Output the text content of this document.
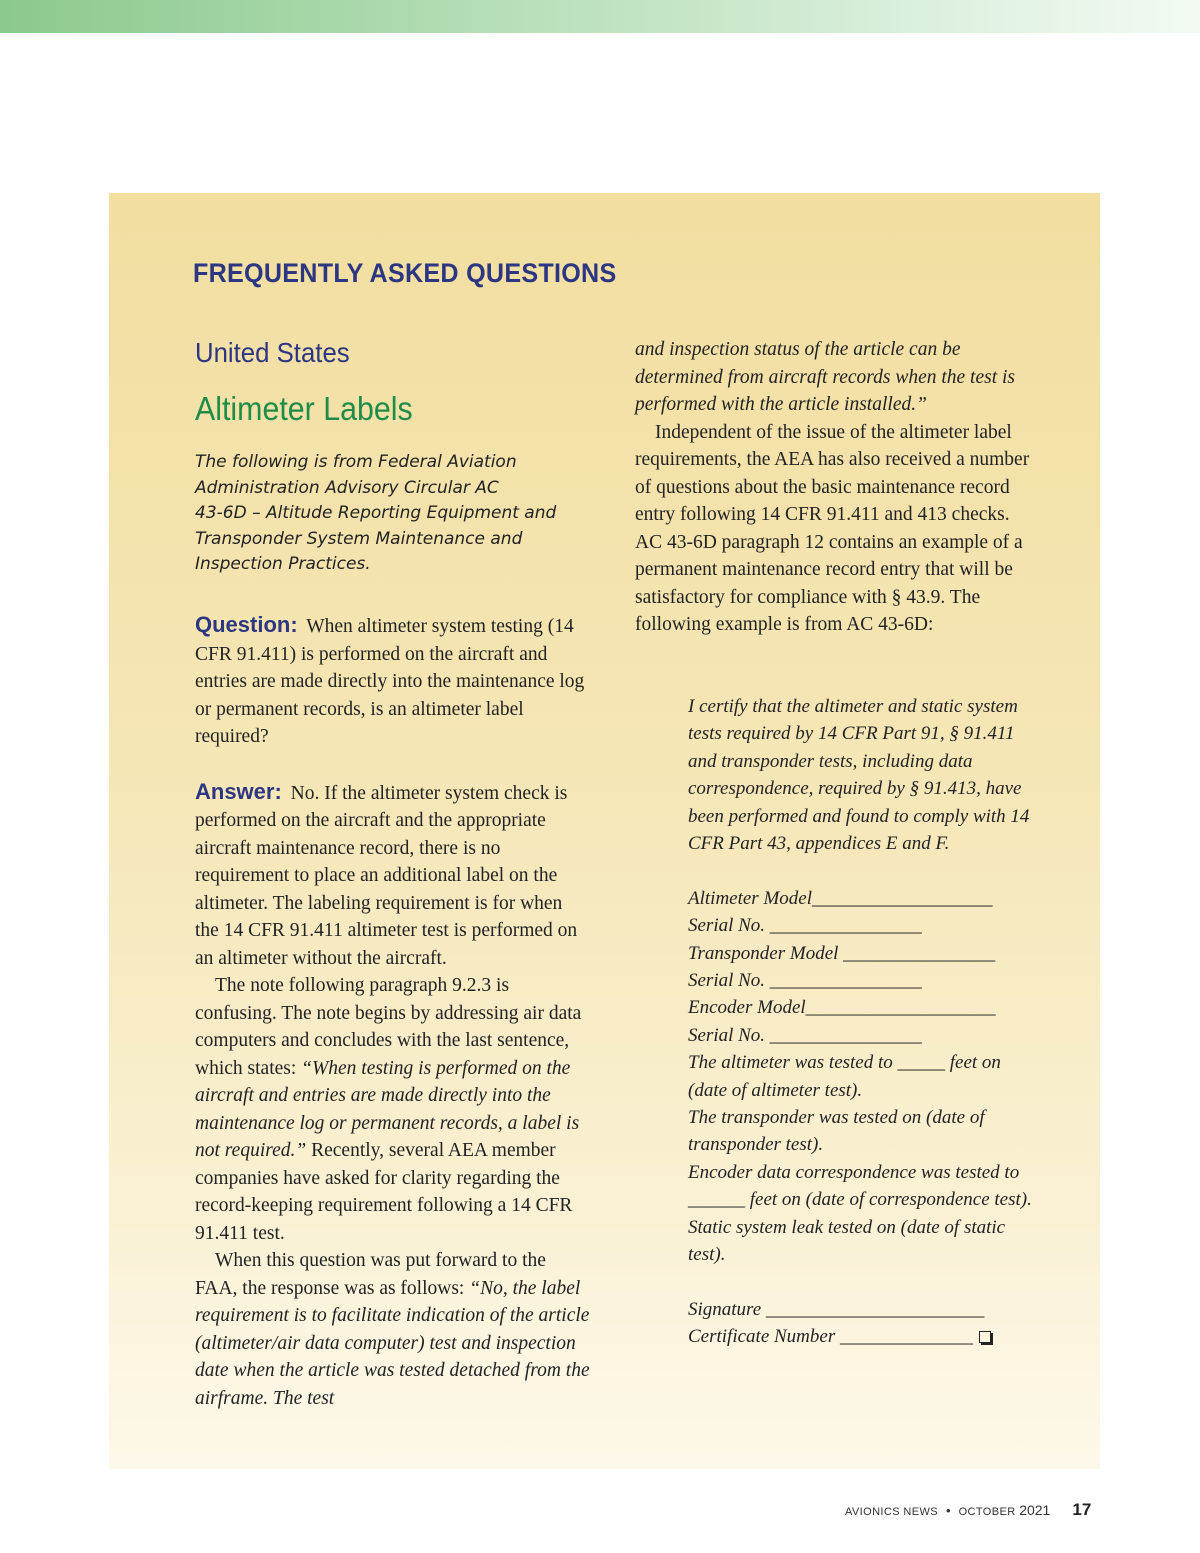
FREQUENTLY ASKED QUESTIONS
United States
Altimeter Labels

The following is from Federal Aviation
Administration Advisory Circular AC
43-6D – Altitude Reporting Equipment and
Transponder System Maintenance and
Inspection Practices.

Question: When altimeter system testing (14 CFR 91.411) is performed on the aircraft and entries are made directly into the maintenance log or permanent records, is an altimeter label required?

Answer: No. If the altimeter system check is performed on the aircraft and the appropriate aircraft maintenance record, there is no requirement to place an additional label on the altimeter. The labeling requirement is for when the 14 CFR 91.411 altimeter test is performed on an altimeter without the aircraft.

The note following paragraph 9.2.3 is confusing. The note begins by addressing air data computers and concludes with the last sentence, which states: “When testing is performed on the aircraft and entries are made directly into the maintenance log or permanent records, a label is not required.” Recently, several AEA member companies have asked for clarity regarding the record-keeping requirement following a 14 CFR 91.411 test.

When this question was put forward to the FAA, the response was as follows: “No, the label requirement is to facilitate indication of the article (altimeter/air data computer) test and inspection date when the article was tested detached from the airframe. The test

and inspection status of the article can be determined from aircraft records when the test is performed with the article installed.”

Independent of the issue of the altimeter label requirements, the AEA has also received a number of questions about the basic maintenance record entry following 14 CFR 91.411 and 413 checks. AC 43-6D paragraph 12 contains an example of a permanent maintenance record entry that will be satisfactory for compliance with § 43.9. The following example is from AC 43-6D:

I certify that the altimeter and static system tests required by 14 CFR Part 91, § 91.411 and transponder tests, including data correspondence, required by § 91.413, have been performed and found to comply with 14 CFR Part 43, appendices E and F.

Altimeter Model___________________

Serial No. ________________

Transponder Model ________________

Serial No. ________________

Encoder Model____________________

Serial No. ________________

The altimeter was tested to _____ feet on (date of altimeter test).

The transponder was tested on (date of transponder test).

Encoder data correspondence was tested to ______ feet on (date of correspondence test).

Static system leak tested on (date of static test).

Signature _______________________

Certificate Number ______________

AVIONICS NEWS • OCTOBER 2021 17
